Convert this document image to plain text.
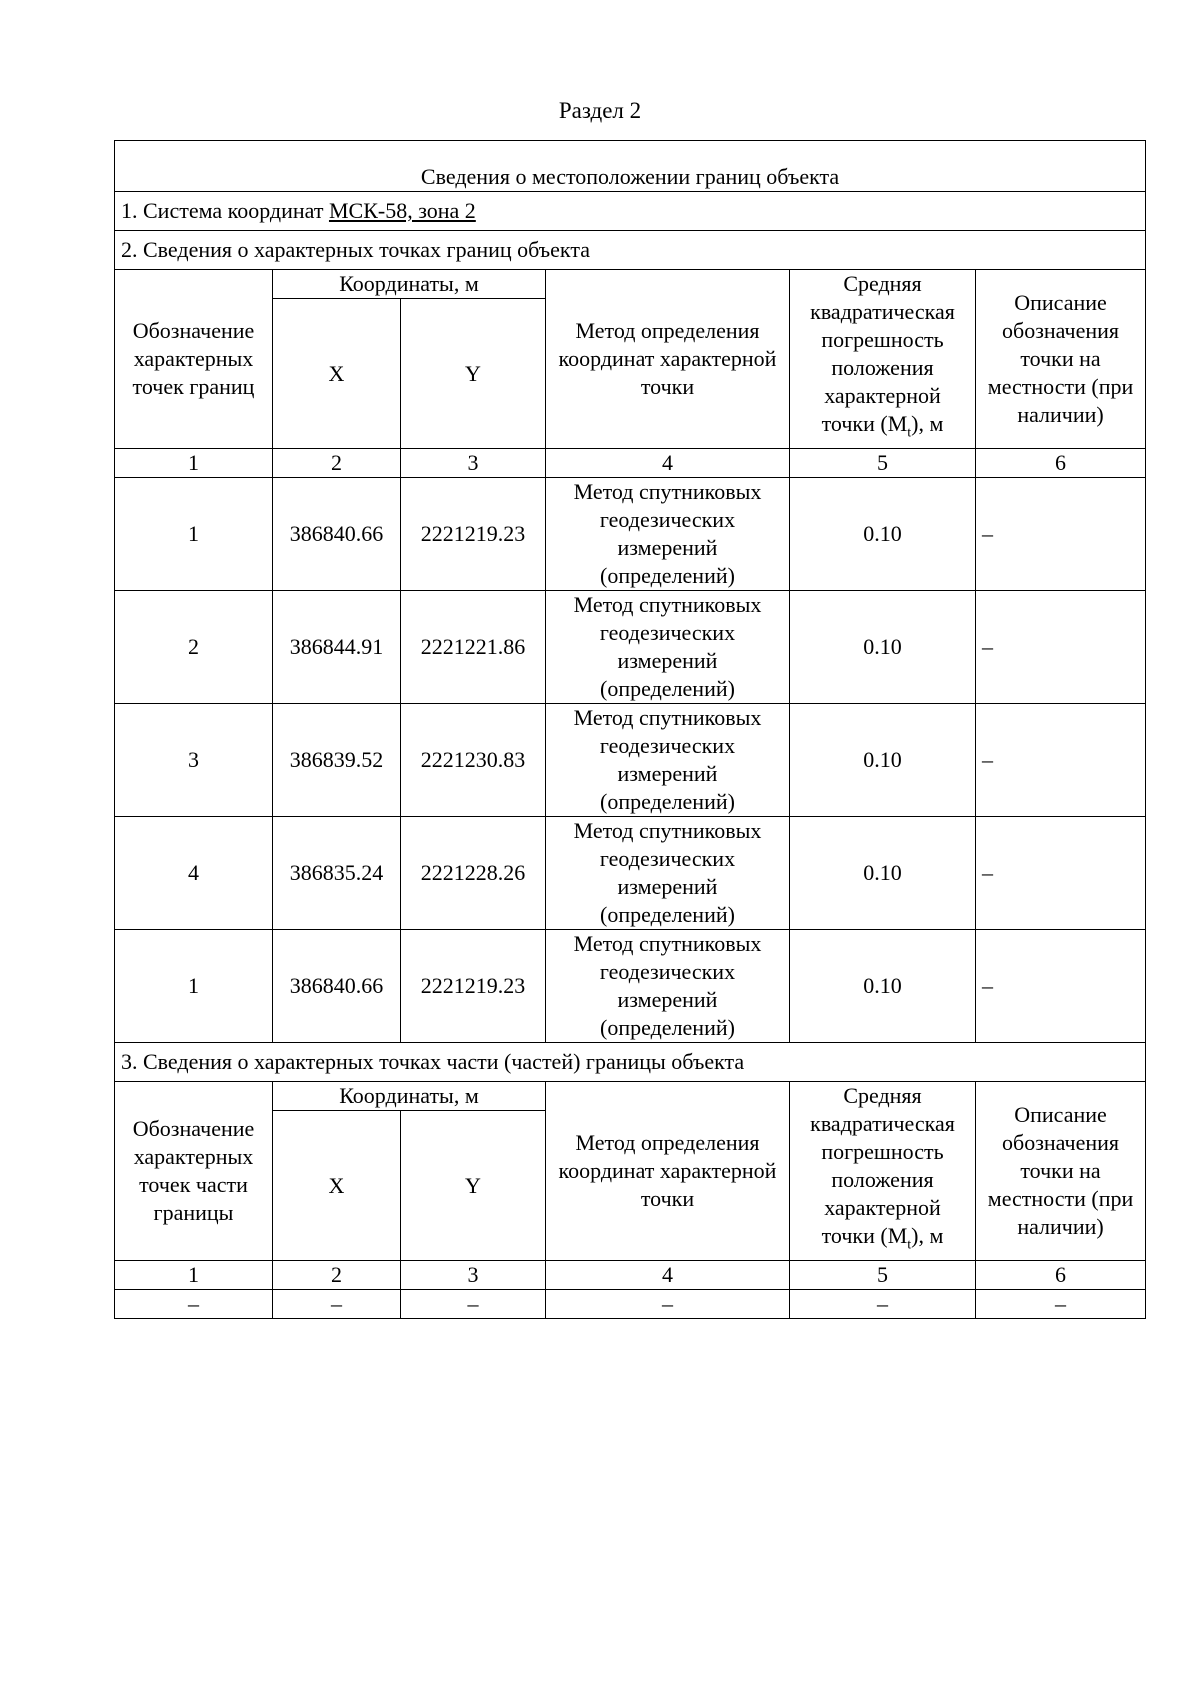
Раздел 2
Сведения о местоположении границ объекта					
1. Система координат МСК-58, зона 2					
2. Сведения о характерных точках границ объекта					
Обозначение характерных точек границ	Координаты, м		Метод определения координат характерной точки	Средняя квадратическая погрешность положения характерной точки $(M_t)$, м	Описание обозначения точки на местности (при наличии)
	X	Y			
1	2	3	4	5	6
1	386840.66	2221219.23	Метод спутниковых геодезических измерений (определений)	0.10	–
2	386844.91	2221221.86	Метод спутниковых геодезических измерений (определений)	0.10	–
3	386839.52	2221230.83	Метод спутниковых геодезических измерений (определений)	0.10	–
4	386835.24	2221228.26	Метод спутниковых геодезических измерений (определений)	0.10	–
1	386840.66	2221219.23	Метод спутниковых геодезических измерений (определений)	0.10	–
3. Сведения о характерных точках части (частей) границы объекта					
Обозначение характерных точек части границы	Координаты, м		Метод определения координат характерной точки	Средняя квадратическая погрешность положения характерной точки $(M_t)$, м	Описание обозначения точки на местности (при наличии)
	X	Y			
1	2	3	4	5	6
–	–	–	–	–	–
